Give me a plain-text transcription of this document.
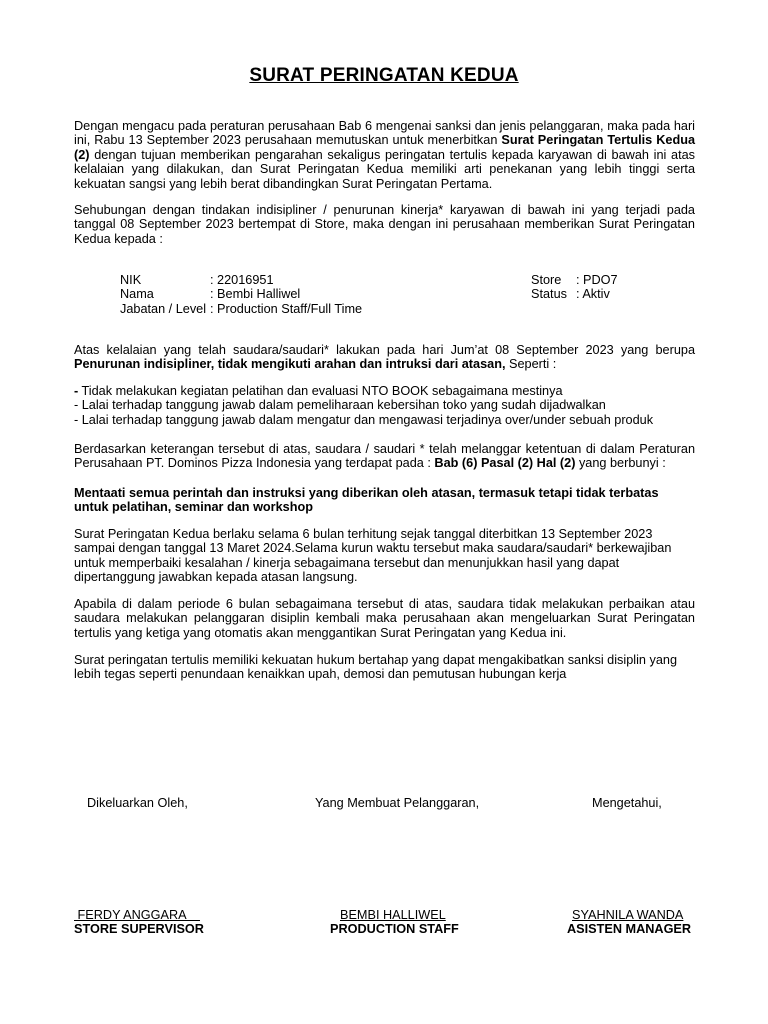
SURAT PERINGATAN KEDUA
Dengan mengacu pada peraturan perusahaan Bab 6 mengenai sanksi dan jenis pelanggaran, maka pada hari ini, Rabu 13 September 2023 perusahaan memutuskan untuk menerbitkan Surat Peringatan Tertulis Kedua (2) dengan tujuan memberikan pengarahan sekaligus peringatan tertulis kepada karyawan di bawah ini atas kelalaian yang dilakukan, dan Surat Peringatan Kedua memiliki arti penekanan yang lebih tinggi serta kekuatan sangsi yang lebih berat dibandingkan Surat Peringatan Pertama.
Sehubungan dengan tindakan indisipliner / penurunan kinerja* karyawan di bawah ini yang terjadi pada tanggal 08 September 2023 bertempat di Store, maka dengan ini perusahaan memberikan Surat Peringatan Kedua kepada :
NIK	: 22016951	Store : PDO7
Nama	: Bembi Halliwel	Status : Aktiv
Jabatan / Level : Production Staff/Full Time
Atas kelalaian yang telah saudara/saudari* lakukan pada hari Jum’at 08 September 2023 yang berupa Penurunan indisipliner, tidak mengikuti arahan dan intruksi dari atasan, Seperti :
- Tidak melakukan kegiatan pelatihan dan evaluasi NTO BOOK sebagaimana mestinya
- Lalai terhadap tanggung jawab dalam pemeliharaan kebersihan toko yang sudah dijadwalkan
- Lalai terhadap tanggung jawab dalam mengatur dan mengawasi terjadinya over/under sebuah produk
Berdasarkan keterangan tersebut di atas, saudara / saudari * telah melanggar ketentuan di dalam Peraturan Perusahaan PT. Dominos Pizza Indonesia yang terdapat pada : Bab (6) Pasal (2) Hal (2) yang berbunyi :
Mentaati semua perintah dan instruksi yang diberikan oleh atasan, termasuk tetapi tidak terbatas untuk pelatihan, seminar dan workshop
Surat Peringatan Kedua berlaku selama 6 bulan terhitung sejak tanggal diterbitkan 13 September 2023 sampai dengan tanggal 13 Maret 2024.Selama kurun waktu tersebut maka saudara/saudari* berkewajiban untuk memperbaiki kesalahan / kinerja sebagaimana tersebut dan menunjukkan hasil yang dapat dipertanggung jawabkan kepada atasan langsung.
Apabila di dalam periode 6 bulan sebagaimana tersebut di atas, saudara tidak melakukan perbaikan atau saudara melakukan pelanggaran disiplin kembali maka perusahaan akan mengeluarkan Surat Peringatan tertulis yang ketiga yang otomatis akan menggantikan Surat Peringatan yang Kedua ini.
Surat peringatan tertulis memiliki kekuatan hukum bertahap yang dapat mengakibatkan sanksi disiplin yang lebih tegas seperti penundaan kenaikkan upah, demosi dan pemutusan hubungan kerja
Dikeluarkan Oleh,	Yang Membuat Pelanggaran,	Mengetahui,
FERDY ANGGARA
STORE SUPERVISOR
BEMBI HALLIWEL
PRODUCTION STAFF
SYAHNILA WANDA
ASISTEN MANAGER
